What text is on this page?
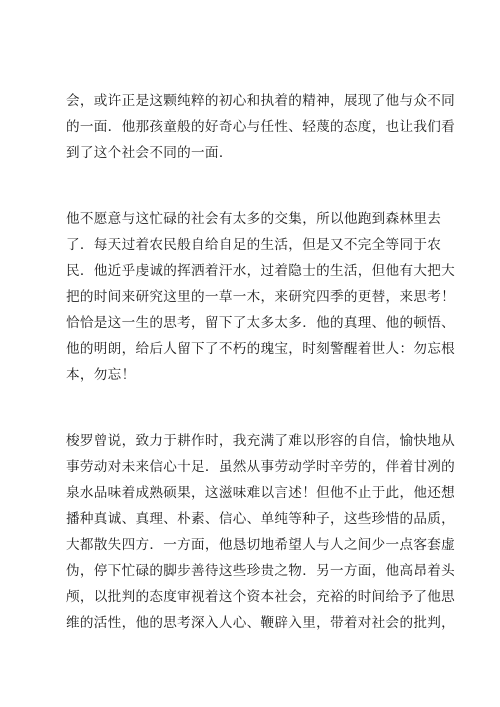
会，或许正是这颗纯粹的初心和执着的精神，展现了他与众不同
的一面．他那孩童般的好奇心与任性、轻蔑的态度，也让我们看
到了这个社会不同的一面．

他不愿意与这忙碌的社会有太多的交集，所以他跑到森林里去
了．每天过着农民般自给自足的生活，但是又不完全等同于农
民．他近乎虔诚的挥洒着汗水，过着隐士的生活，但他有大把大
把的时间来研究这里的一草一木，来研究四季的更替，来思考！
恰恰是这一生的思考，留下了太多太多．他的真理、他的顿悟、
他的明朗，给后人留下了不朽的瑰宝，时刻警醒着世人：勿忘根
本，勿忘！

梭罗曾说，致力于耕作时，我充满了难以形容的自信，愉快地从
事劳动对未来信心十足．虽然从事劳动学时辛劳的，伴着甘冽的
泉水品味着成熟硕果，这滋味难以言述！但他不止于此，他还想
播种真诚、真理、朴素、信心、单纯等种子，这些珍惜的品质，
大都散失四方．一方面，他恳切地希望人与人之间少一点客套虚
伪，停下忙碌的脚步善待这些珍贵之物．另一方面，他高昂着头
颅，以批判的态度审视着这个资本社会，充裕的时间给予了他思
维的活性，他的思考深入人心、鞭辟入里，带着对社会的批判，
